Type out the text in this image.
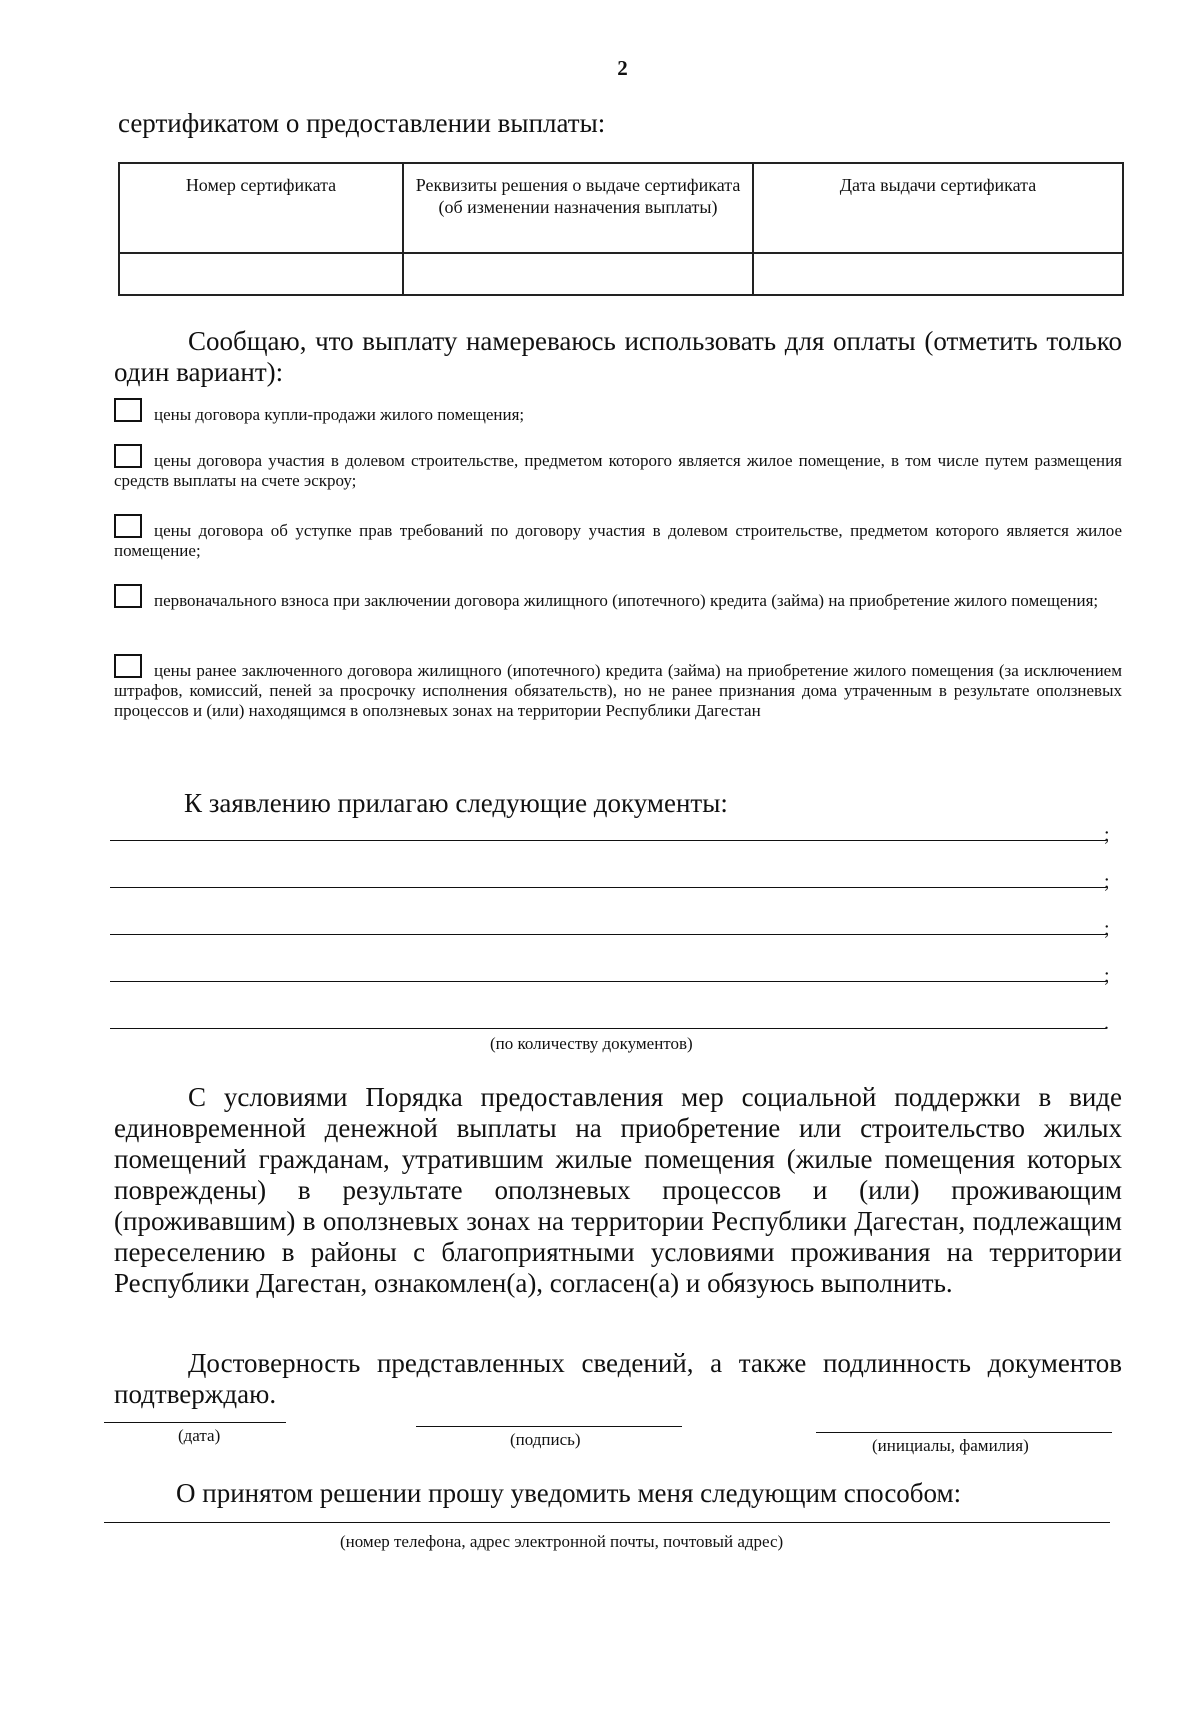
2
сертификатом о предоставлении выплаты:
Номер сертификата	Реквизиты решения о выдаче сертификата (об изменении назначения выплаты)	Дата выдачи сертификата

Сообщаю, что выплату намереваюсь использовать для оплаты (отметить только один вариант):
цены договора купли-продажи жилого помещения;
цены договора участия в долевом строительстве, предметом которого является жилое помещение, в том числе путем размещения средств выплаты на счете эскроу;
цены договора об уступке прав требований по договору участия в долевом строительстве, предметом которого является жилое помещение;
первоначального взноса при заключении договора жилищного (ипотечного) кредита (займа) на приобретение жилого помещения;
цены ранее заключенного договора жилищного (ипотечного) кредита (займа) на приобретение жилого помещения (за исключением штрафов, комиссий, пеней за просрочку исполнения обязательств), но не ранее признания дома утраченным в результате оползневых процессов и (или) находящимся в оползневых зонах на территории Республики Дагестан
К заявлению прилагаю следующие документы:
;
;
;
;
.
(по количеству документов)
С условиями Порядка предоставления мер социальной поддержки в виде единовременной денежной выплаты на приобретение или строительство жилых помещений гражданам, утратившим жилые помещения (жилые помещения которых повреждены) в результате оползневых процессов и (или) проживающим (проживавшим) в оползневых зонах на территории Республики Дагестан, подлежащим переселению в районы с благоприятными условиями проживания на территории Республики Дагестан, ознакомлен(а), согласен(а) и обязуюсь выполнить.
Достоверность представленных сведений, а также подлинность документов подтверждаю.
(дата)	(подпись)	(инициалы, фамилия)
О принятом решении прошу уведомить меня следующим способом:
(номер телефона, адрес электронной почты, почтовый адрес)
